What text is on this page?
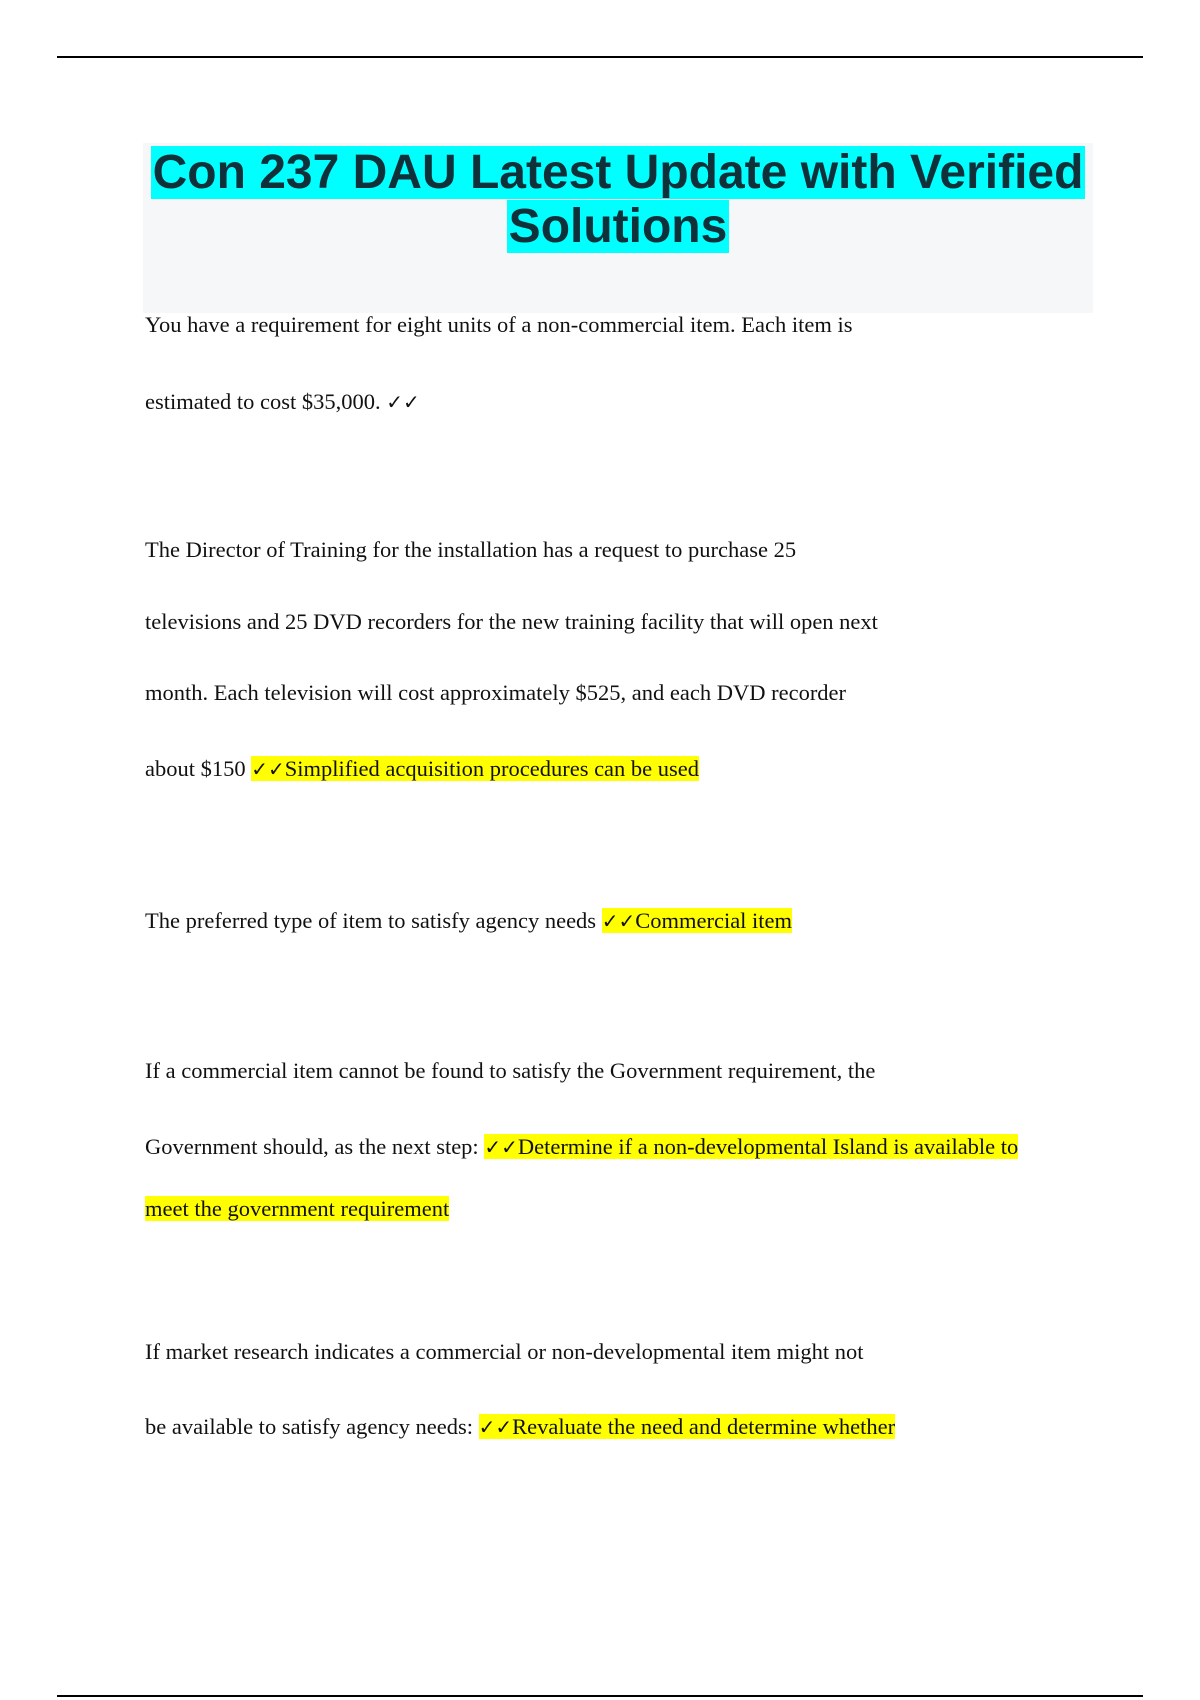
Con 237 DAU Latest Update with Verified
Solutions
You have a requirement for eight units of a non-commercial item. Each item is
estimated to cost $35,000. ✓✓
The Director of Training for the installation has a request to purchase 25
televisions and 25 DVD recorders for the new training facility that will open next
month. Each television will cost approximately $525, and each DVD recorder
about $150 ✓✓Simplified acquisition procedures can be used
The preferred type of item to satisfy agency needs ✓✓Commercial item
If a commercial item cannot be found to satisfy the Government requirement, the
Government should, as the next step: ✓✓Determine if a non-developmental Island is available to
meet the government requirement
If market research indicates a commercial or non-developmental item might not
be available to satisfy agency needs: ✓✓Revaluate the need and determine whether
